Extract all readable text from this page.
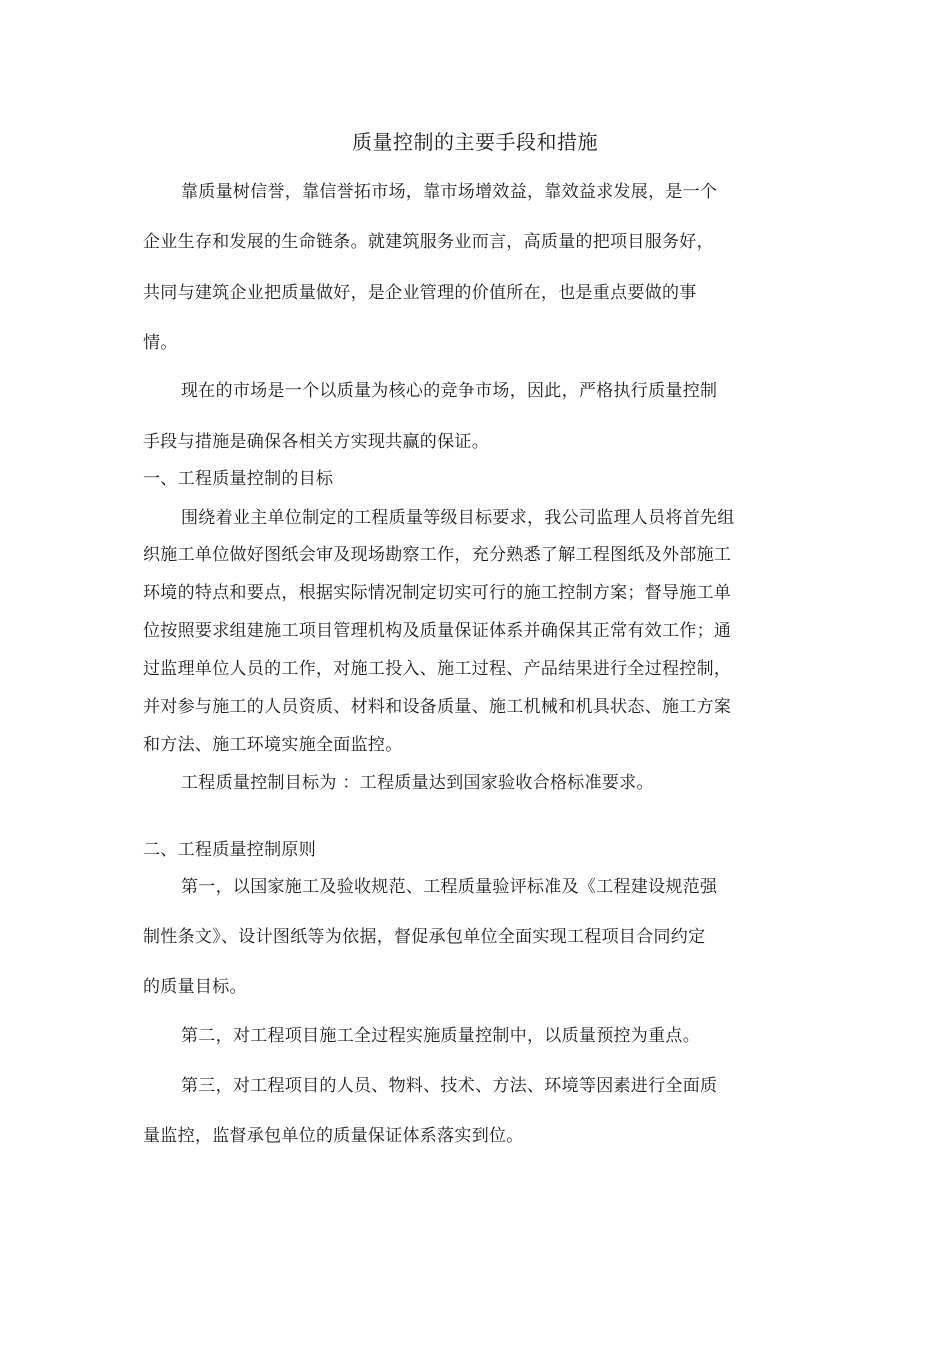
质量控制的主要手段和措施
靠质量树信誉，靠信誉拓市场，靠市场增效益，靠效益求发展，是一个
企业生存和发展的生命链条。就建筑服务业而言，高质量的把项目服务好，
共同与建筑企业把质量做好，是企业管理的价值所在，也是重点要做的事
情。
现在的市场是一个以质量为核心的竞争市场，因此，严格执行质量控制
手段与措施是确保各相关方实现共赢的保证。
一、工程质量控制的目标
围绕着业主单位制定的工程质量等级目标要求，我公司监理人员将首先组
织施工单位做好图纸会审及现场勘察工作，充分熟悉了解工程图纸及外部施工
环境的特点和要点，根据实际情况制定切实可行的施工控制方案；督导施工单
位按照要求组建施工项目管理机构及质量保证体系并确保其正常有效工作；通
过监理单位人员的工作，对施工投入、施工过程、产品结果进行全过程控制，
并对参与施工的人员资质、材料和设备质量、施工机械和机具状态、施工方案
和方法、施工环境实施全面监控。
工程质量控制目标为 ：工程质量达到国家验收合格标准要求。
二、工程质量控制原则
第一，以国家施工及验收规范、工程质量验评标准及《工程建设规范强
制性条文》、设计图纸等为依据，督促承包单位全面实现工程项目合同约定
的质量目标。
第二，对工程项目施工全过程实施质量控制中，以质量预控为重点。
第三，对工程项目的人员、物料、技术、方法、环境等因素进行全面质
量监控，监督承包单位的质量保证体系落实到位。
